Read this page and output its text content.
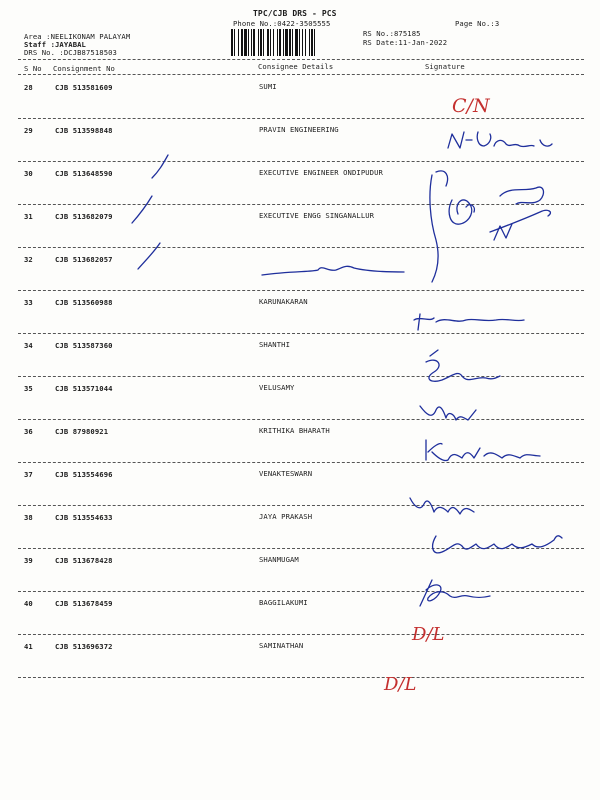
TPC/CJB DRS - PCS
Phone No.:0422-3505555	Page No.:3
Area :NEELIKONAM PALAYAM
Staff :JAYABAL
DRS No. :DCJB87518503
RS No.:875185
RS Date:11-Jan-2022
S No Consignment No	Consignee Details	Signature
28	CJB 513581609	SUMI
29	CJB 513598848	PRAVIN ENGINEERING
30	CJB 513648590	EXECUTIVE ENGINEER ONDIPUDUR
31	CJB 513682079	EXECUTIVE ENGG SINGANALLUR
32	CJB 513682057
33	CJB 513560988	KARUNAKARAN
34	CJB 513587360	SHANTHI
35	CJB 513571044	VELUSAMY
36	CJB 87980921	KRITHIKA BHARATH
37	CJB 513554696	VENAKTESWARN
38	CJB 513554633	JAYA PRAKASH
39	CJB 513678428	SHANMUGAM
40	CJB 513678459	BAGGILAKUMI
41	CJB 513696372	SAMINATHAN
C/N
D/L
D/L
